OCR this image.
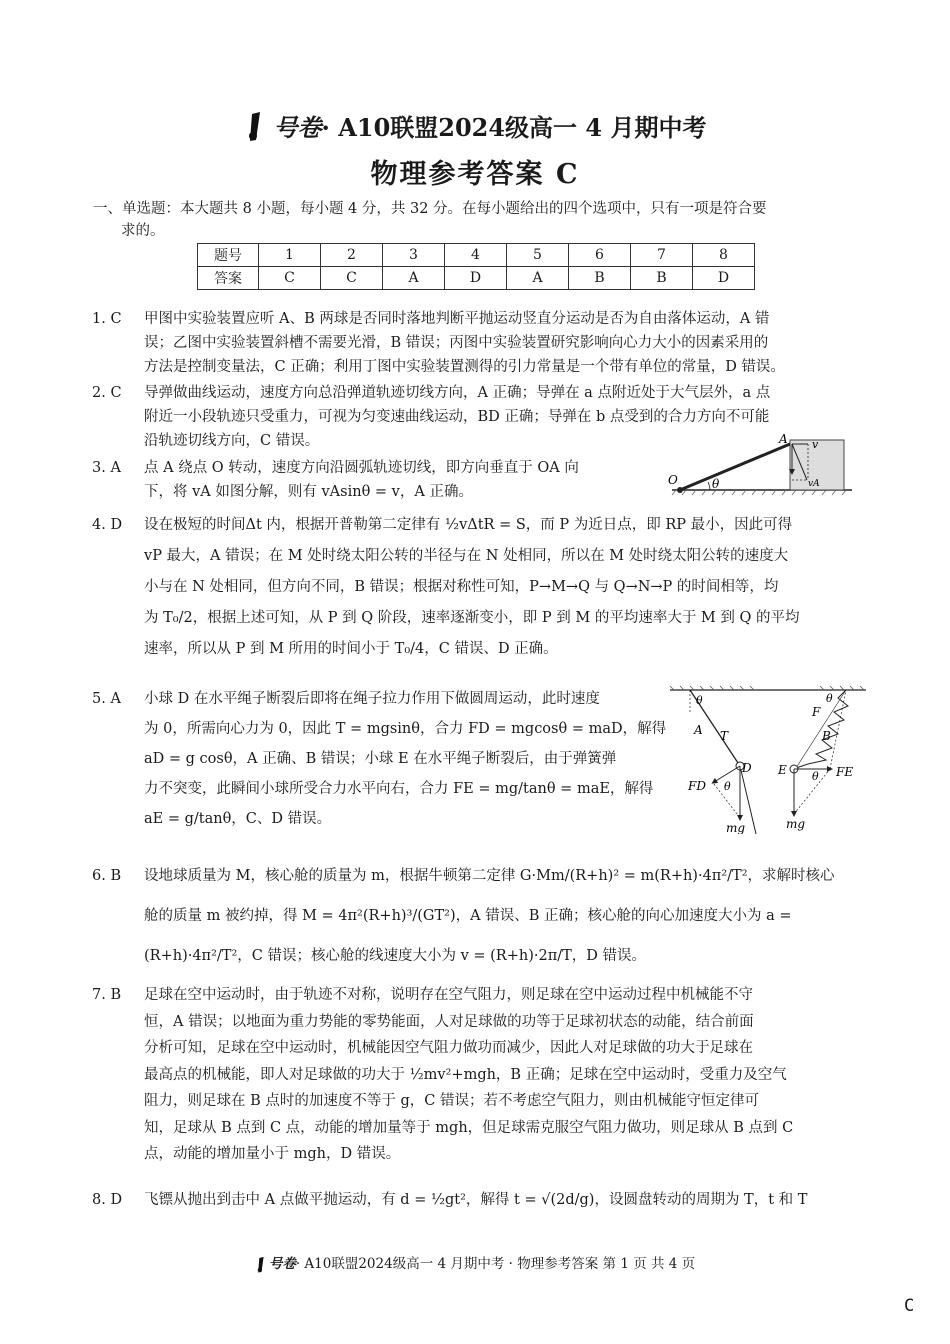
号卷· A10联盟2024级高一 4 月期中考
物理参考答案 C
一、单选题：本大题共 8 小题，每小题 4 分，共 32 分。在每小题给出的四个选项中，只有一项是符合要
求的。
题号	1	2	3	4	5	6	7	8
答案	C	C	A	D	A	B	B	D
1. C	甲图中实验装置应听 A、B 两球是否同时落地判断平抛运动竖直分运动是否为自由落体运动，A 错
误；乙图中实验装置斜槽不需要光滑，B 错误；丙图中实验装置研究影响向心力大小的因素采用的
方法是控制变量法，C 正确；利用丁图中实验装置测得的引力常量是一个带有单位的常量，D 错误。
2. C	导弹做曲线运动，速度方向总沿弹道轨迹切线方向，A 正确；导弹在 a 点附近处于大气层外，a 点
附近一小段轨迹只受重力，可视为匀变速曲线运动，BD 正确；导弹在 b 点受到的合力方向不可能
沿轨迹切线方向，C 错误。
3. A	点 A 绕点 O 转动，速度方向沿圆弧轨迹切线，即方向垂直于 OA 向
下，将 vA 如图分解，则有 vAsinθ = v，A 正确。
O
A
θ
v
vA
4. D	设在极短的时间Δt 内，根据开普勒第二定律有 ½vΔtR = S，而 P 为近日点，即 RP 最小，因此可得
vP 最大，A 错误；在 M 处时绕太阳公转的半径与在 N 处相同，所以在 M 处时绕太阳公转的速度大
小与在 N 处相同，但方向不同，B 错误；根据对称性可知，P→M→Q 与 Q→N→P 的时间相等，均
为 T₀/2，根据上述可知，从 P 到 Q 阶段，速率逐渐变小，即 P 到 M 的平均速率大于 M 到 Q 的平均
速率，所以从 P 到 M 所用的时间小于 T₀/4，C 错误、D 正确。
5. A	小球 D 在水平绳子断裂后即将在绳子拉力作用下做圆周运动，此时速度
为 0，所需向心力为 0，因此 T = mgsinθ，合力 FD = mgcosθ = maD，解得
aD = g cosθ，A 正确、B 错误；小球 E 在水平绳子断裂后，由于弹簧弹
力不突变，此瞬间小球所受合力水平向右，合力 FE = mg/tanθ = maE，解得
aE = g/tanθ，C、D 错误。
θ
A T
D
FD θ
mg
F
θ
B
E θ FE
mg
6. B	设地球质量为 M，核心舱的质量为 m，根据牛顿第二定律 G·Mm/(R+h)² = m(R+h)·4π²/T²，求解时核心
舱的质量 m 被约掉，得 M = 4π²(R+h)³/(GT²)，A 错误、B 正确；核心舱的向心加速度大小为 a =
(R+h)·4π²/T²，C 错误；核心舱的线速度大小为 v = (R+h)·2π/T，D 错误。
7. B	足球在空中运动时，由于轨迹不对称，说明存在空气阻力，则足球在空中运动过程中机械能不守
恒，A 错误；以地面为重力势能的零势能面，人对足球做的功等于足球初状态的动能，结合前面
分析可知，足球在空中运动时，机械能因空气阻力做功而减少，因此人对足球做的功大于足球在
最高点的机械能，即人对足球做的功大于 ½mv²+mgh，B 正确；足球在空中运动时，受重力及空气
阻力，则足球在 B 点时的加速度不等于 g，C 错误；若不考虑空气阻力，则由机械能守恒定律可
知，足球从 B 点到 C 点，动能的增加量等于 mgh，但足球需克服空气阻力做功，则足球从 B 点到 C
点，动能的增加量小于 mgh，D 错误。
8. D	飞镖从抛出到击中 A 点做平抛运动，有 d = ½gt²，解得 t = √(2d/g)，设圆盘转动的周期为 T，t 和 T
号卷· A10联盟2024级高一 4 月期中考 · 物理参考答案 第 1 页 共 4 页
C
